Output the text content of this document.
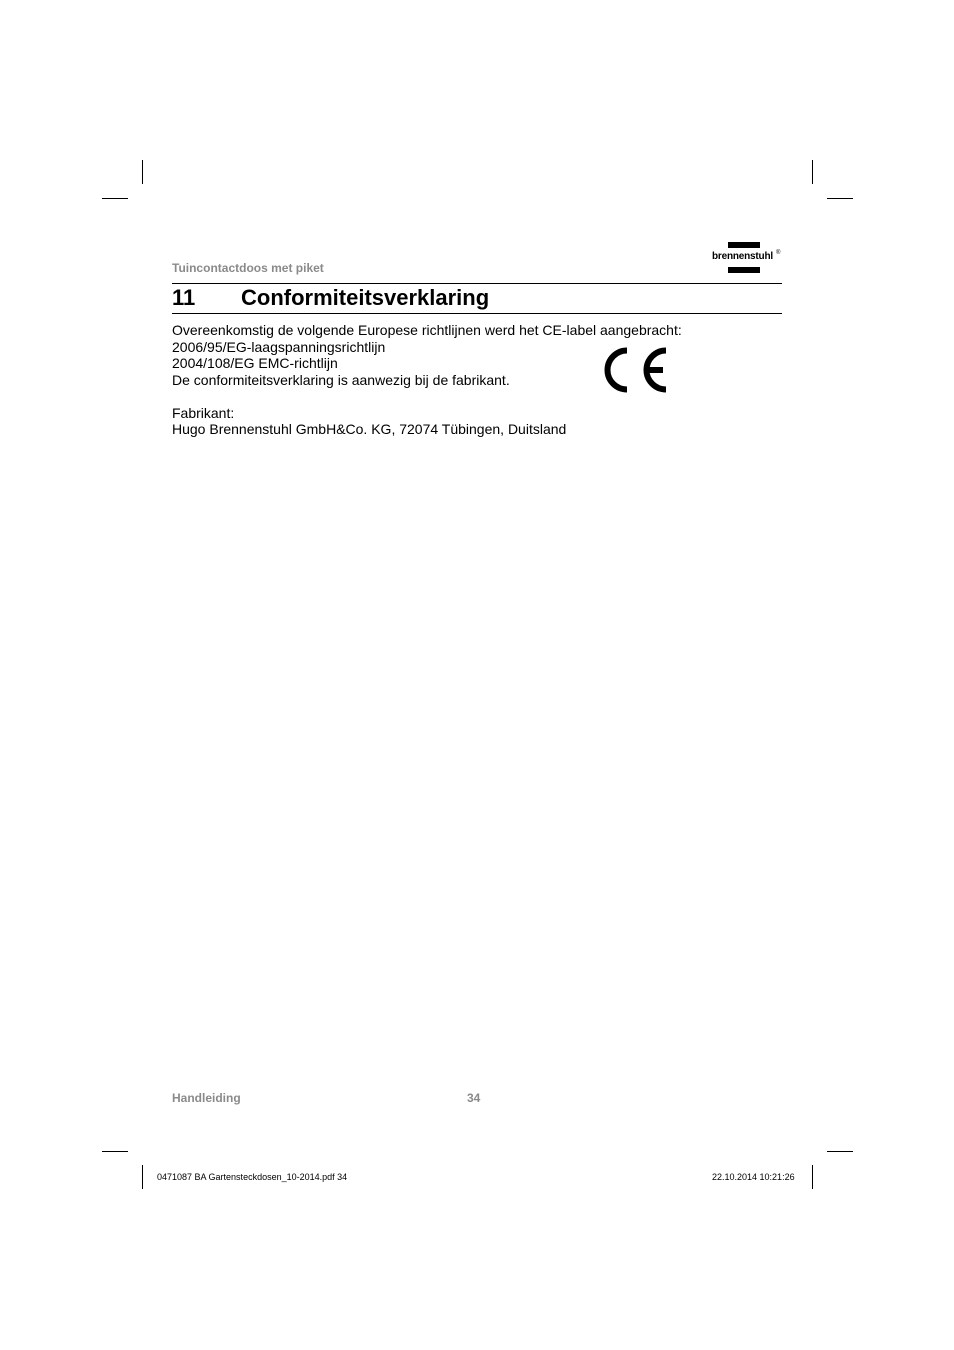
Tuincontactdoos met piket
brennenstuhl ®
11 Conformiteitsverklaring

Overeenkomstig de volgende Europese richtlijnen werd het CE-label aangebracht:

2006/95/EG-laagspanningsrichtlijn

2004/108/EG EMC-richtlijn

De conformiteitsverklaring is aanwezig bij de fabrikant.

Fabrikant:

Hugo Brennenstuhl GmbH&Co. KG, 72074 Tübingen, Duitsland

Handleiding	34
0471087 BA Gartensteckdosen_10-2014.pdf 34	22.10.2014 10:21:26
